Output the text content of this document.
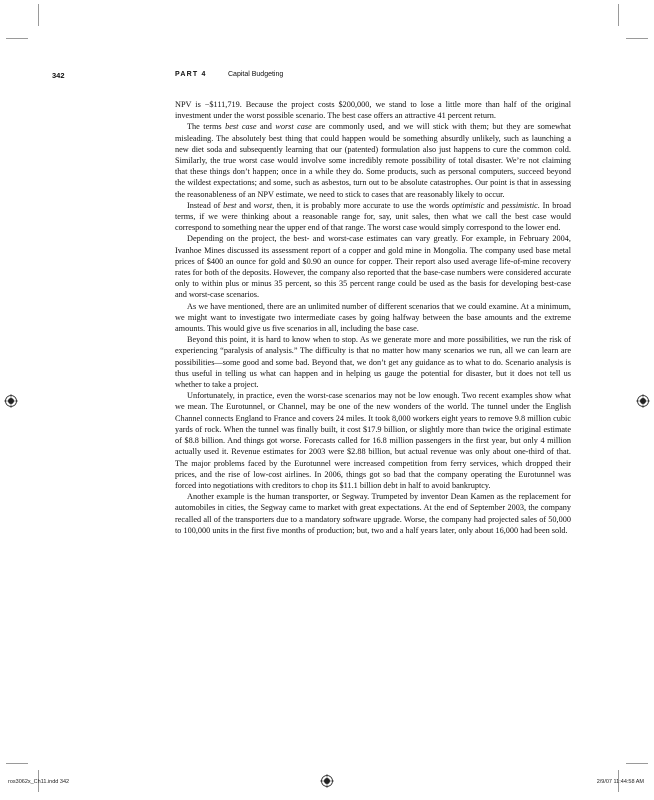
342	PART 4	Capital Budgeting

NPV is −$111,719. Because the project costs $200,000, we stand to lose a little more than half of the original investment under the worst possible scenario. The best case offers an attractive 41 percent return.

The terms best case and worst case are commonly used, and we will stick with them; but they are somewhat misleading. The absolutely best thing that could happen would be something absurdly unlikely, such as launching a new diet soda and subsequently learning that our (patented) formulation also just happens to cure the common cold. Similarly, the true worst case would involve some incredibly remote possibility of total disaster. We’re not claiming that these things don’t happen; once in a while they do. Some products, such as personal computers, succeed beyond the wildest expectations; and some, such as asbestos, turn out to be absolute catastrophes. Our point is that in assessing the reasonableness of an NPV estimate, we need to stick to cases that are reasonably likely to occur.

Instead of best and worst, then, it is probably more accurate to use the words optimistic and pessimistic. In broad terms, if we were thinking about a reasonable range for, say, unit sales, then what we call the best case would correspond to something near the upper end of that range. The worst case would simply correspond to the lower end.

Depending on the project, the best- and worst-case estimates can vary greatly. For example, in February 2004, Ivanhoe Mines discussed its assessment report of a copper and gold mine in Mongolia. The company used base metal prices of $400 an ounce for gold and $0.90 an ounce for copper. Their report also used average life-of-mine recovery rates for both of the deposits. However, the company also reported that the base-case numbers were considered accurate only to within plus or minus 35 percent, so this 35 percent range could be used as the basis for developing best-case and worst-case scenarios.

As we have mentioned, there are an unlimited number of different scenarios that we could examine. At a minimum, we might want to investigate two intermediate cases by going halfway between the base amounts and the extreme amounts. This would give us five scenarios in all, including the base case.

Beyond this point, it is hard to know when to stop. As we generate more and more possibilities, we run the risk of experiencing “paralysis of analysis.” The difficulty is that no matter how many scenarios we run, all we can learn are possibilities—some good and some bad. Beyond that, we don’t get any guidance as to what to do. Scenario analysis is thus useful in telling us what can happen and in helping us gauge the potential for disaster, but it does not tell us whether to take a project.

Unfortunately, in practice, even the worst-case scenarios may not be low enough. Two recent examples show what we mean. The Eurotunnel, or Channel, may be one of the new wonders of the world. The tunnel under the English Channel connects England to France and covers 24 miles. It took 8,000 workers eight years to remove 9.8 million cubic yards of rock. When the tunnel was finally built, it cost $17.9 billion, or slightly more than twice the original estimate of $8.8 billion. And things got worse. Forecasts called for 16.8 million passengers in the first year, but only 4 million actually used it. Revenue estimates for 2003 were $2.88 billion, but actual revenue was only about one-third of that. The major problems faced by the Eurotunnel were increased competition from ferry services, which dropped their prices, and the rise of low-cost airlines. In 2006, things got so bad that the company operating the Eurotunnel was forced into negotiations with creditors to chop its $11.1 billion debt in half to avoid bankruptcy.

Another example is the human transporter, or Segway. Trumpeted by inventor Dean Kamen as the replacement for automobiles in cities, the Segway came to market with great expectations. At the end of September 2003, the company recalled all of the transporters due to a mandatory software upgrade. Worse, the company had projected sales of 50,000 to 100,000 units in the first five months of production; but, two and a half years later, only about 16,000 had been sold.

ros3062x_Ch11.indd 342	2/9/07 11:44:58 AM
